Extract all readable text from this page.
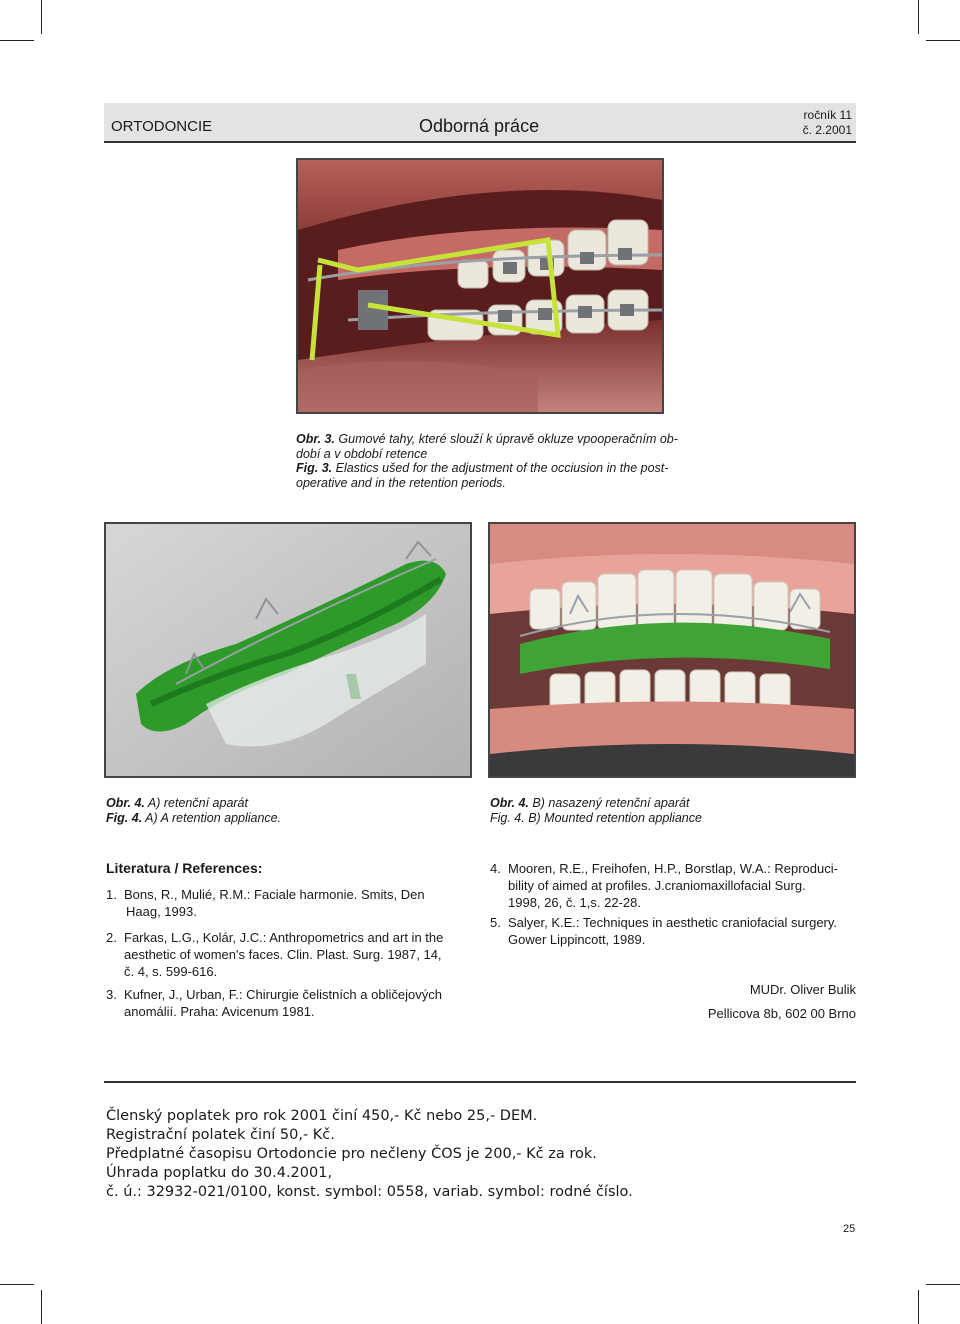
ORTODONCIE	Odborná práce
ročník 11
č. 2.2001
Obr. 3. Gumové tahy, které slouží k úpravě okluze vpooperačním ob-
dobí a v období retence
Fig. 3. Elastics ušed for the adjustment of the occiusion in the post-
operative and in the retention periods.
Obr. 4. A) retenční aparát
Fig. 4. A) A retention appliance.
Obr. 4. B) nasazený retenční aparát
Fig. 4. B) Mounted retention appliance
Literatura / References:
1. Bons, R., Mulié, R.M.: Faciale harmonie. Smits, Den
Haag, 1993.
2. Farkas, L.G., Kolár, J.C.: Anthropometrics and art in the
aesthetic of women's faces. Clin. Plast. Surg. 1987, 14,
č. 4, s. 599-616.
3. Kufner, J., Urban, F.: Chirurgie čelistních a obličejových
anomálií. Praha: Avicenum 1981.
4. Mooren, R.E., Freihofen, H.P., Borstlap, W.A.: Reproduci-
bility of aimed at profiles. J.craniomaxillofacial Surg.
1998, 26, č. 1,s. 22-28.
5. Salyer, K.E.: Techniques in aesthetic craniofacial surgery.
Gower Lippincott, 1989.
MUDr. Oliver Bulik
Pellicova 8b, 602 00 Brno
Členský poplatek pro rok 2001 činí 450,- Kč nebo 25,- DEM.
Registrační polatek činí 50,- Kč.
Předplatné časopisu Ortodoncie pro nečleny ČOS je 200,- Kč za rok.
Úhrada poplatku do 30.4.2001,
č. ú.: 32932-021/0100, konst. symbol: 0558, variab. symbol: rodné číslo.
25
